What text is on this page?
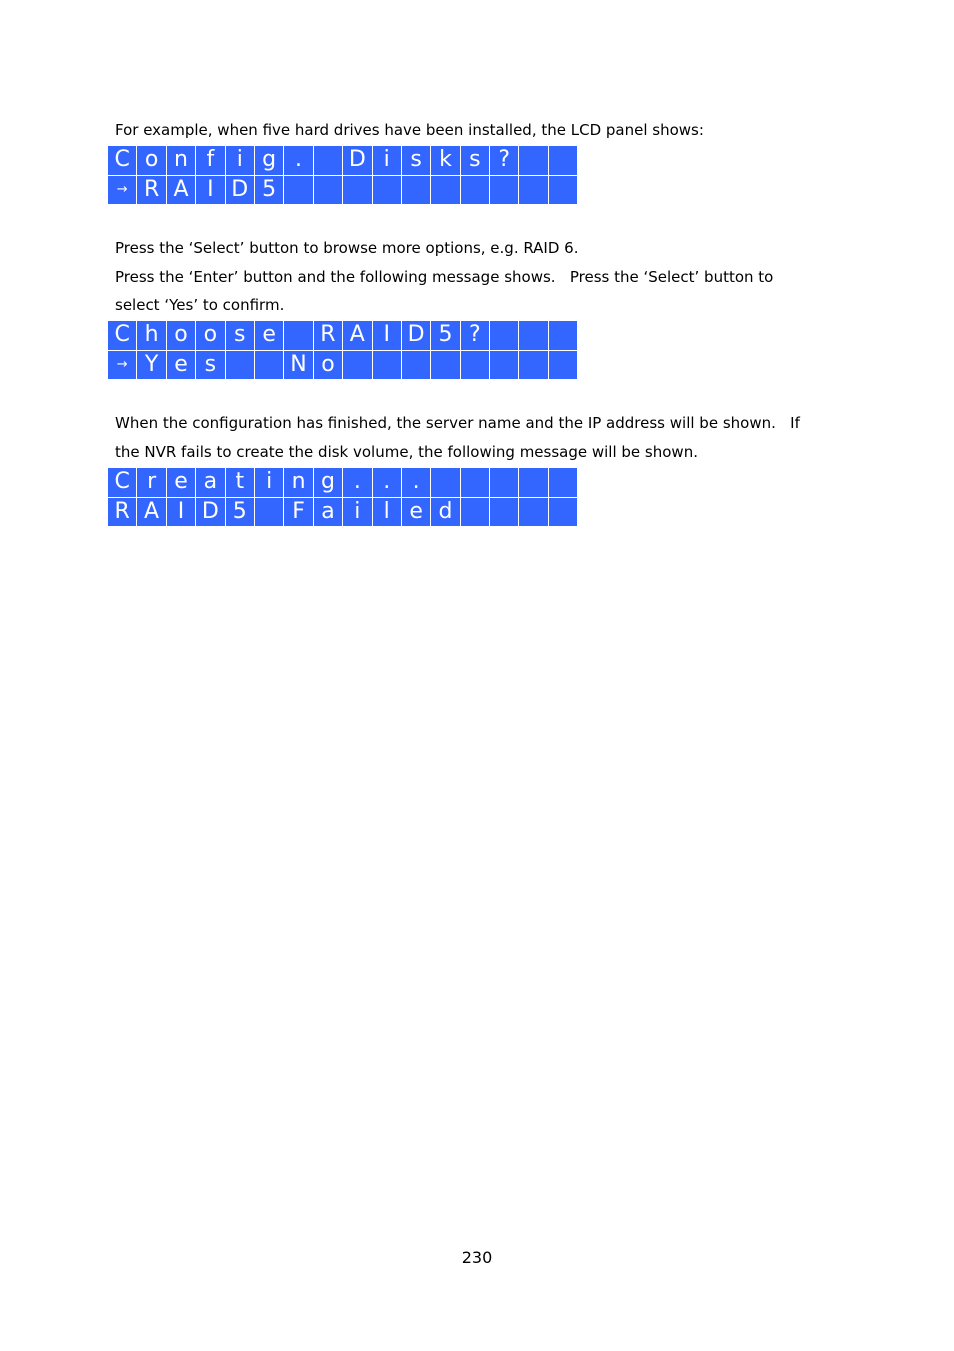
For example, when five hard drives have been installed, the LCD panel shows:

C o n f	i g .	D i s k s ?
→ R A I D 5

Press the ‘Select’ button to browse more options, e.g. RAID 6.

Press the ‘Enter’ button and the following message shows.   Press the ‘Select’ button to

select ‘Yes’ to confirm.

C h o o s e	R A I D 5 ?
→ Y e s	N o

When the configuration has finished, the server name and the IP address will be shown.   If

the NVR fails to create the disk volume, the following message will be shown.

C r e a t	i n g .	.	.
R A I D 5	F a i	l e d
230
